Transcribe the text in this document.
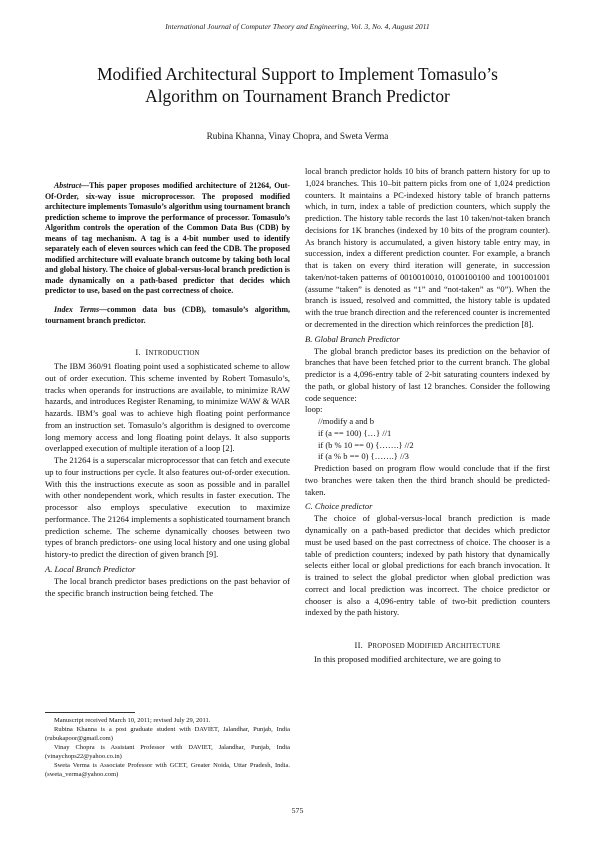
International Journal of Computer Theory and Engineering, Vol. 3, No. 4, August 2011
Modified Architectural Support to Implement Tomasulo’s
Algorithm on Tournament Branch Predictor
Rubina Khanna, Vinay Chopra, and Sweta Verma

Abstract—This paper proposes modified architecture of 21264, Out-Of-Order, six-way issue microprocessor. The proposed modified architecture implements Tomasulo’s algorithm using tournament branch prediction scheme to improve the performance of processor. Tomasulo’s Algorithm controls the operation of the Common Data Bus (CDB) by means of tag mechanism. A tag is a 4-bit number used to identify separately each of eleven sources which can feed the CDB. The proposed modified architecture will evaluate branch outcome by taking both local and global history. The choice of global-versus-local branch prediction is made dynamically on a path-based predictor that decides which predictor to use, based on the past correctness of choice.

Index Terms—common data bus (CDB), tomasulo’s algorithm, tournament branch predictor.

I. INTRODUCTION

The IBM 360/91 floating point used a sophisticated scheme to allow out of order execution. This scheme invented by Robert Tomasulo’s, tracks when operands for instructions are available, to minimize RAW hazards, and introduces Register Renaming, to minimize WAW & WAR hazards. IBM’s goal was to achieve high floating point performance from an instruction set. Tomasulo’s algorithm is designed to overcome long memory access and long floating point delays. It also supports overlapped execution of multiple iteration of a loop [2].

The 21264 is a superscalar microprocessor that can fetch and execute up to four instructions per cycle. It also features out-of-order execution. With this the instructions execute as soon as possible and in parallel with other nondependent work, which results in faster execution. The processor also employs speculative execution to maximize performance. The 21264 implements a sophisticated tournament branch prediction scheme. The scheme dynamically chooses between two types of branch predictors- one using local history and one using global history-to predict the direction of given branch [9].

A. Local Branch Predictor

The local branch predictor bases predictions on the past behavior of the specific branch instruction being fetched. The

local branch predictor holds 10 bits of branch pattern history for up to 1,024 branches. This 10–bit pattern picks from one of 1,024 prediction counters. It maintains a PC-indexed history table of branch patterns which, in turn, index a table of prediction counters, which supply the prediction. The history table records the last 10 taken/not-taken branch decisions for 1K branches (indexed by 10 bits of the program counter). As branch history is accumulated, a given history table entry may, in succession, index a different prediction counter. For example, a branch that is taken on every third iteration will generate, in succession taken/not-taken patterns of 0010010010, 0100100100 and 1001001001 (assume “taken” is denoted as “1” and “not-taken” as “0”). When the branch is issued, resolved and committed, the history table is updated with the true branch direction and the referenced counter is incremented or decremented in the direction which reinforces the prediction [8].

B. Global Branch Predictor

The global branch predictor bases its prediction on the behavior of branches that have been fetched prior to the current branch. The global predictor is a 4,096-entry table of 2-bit saturating counters indexed by the path, or global history of last 12 branches. Consider the following code sequence:

loop:
//modify a and b
if (a == 100) {…} //1
if (b % 10 == 0) {…….} //2
if (a % b == 0) {…….} //3

Prediction based on program flow would conclude that if the first two branches were taken then the third branch should be predicted-taken.

C. Choice predictor

The choice of global-versus-local branch prediction is made dynamically on a path-based predictor that decides which predictor must be used based on the past correctness of choice. The chooser is a table of prediction counters; indexed by path history that dynamically selects either local or global predictions for each branch invocation. It is trained to select the global predictor when global prediction was correct and local prediction was incorrect. The choice predictor or chooser is also a 4,096-entry table of two-bit prediction counters indexed by the path history.

II. PROPOSED MODIFIED ARCHITECTURE

In this proposed modified architecture, we are going to

Manuscript received March 10, 2011; revised July 29, 2011.

Rubina Khanna is a post graduate student with DAVIET, Jalandhar, Punjab, India (rubukapoor@gmail.com)

Vinay Chopra is Assistant Professor with DAVIET, Jalandhar, Punjab, India (vinaychops22@yahoo.co.in)

Sweta Verma is Associate Professor with GCET, Greater Noida, Uttar Pradesh, India. (sweta_verma@yahoo.com)

575
